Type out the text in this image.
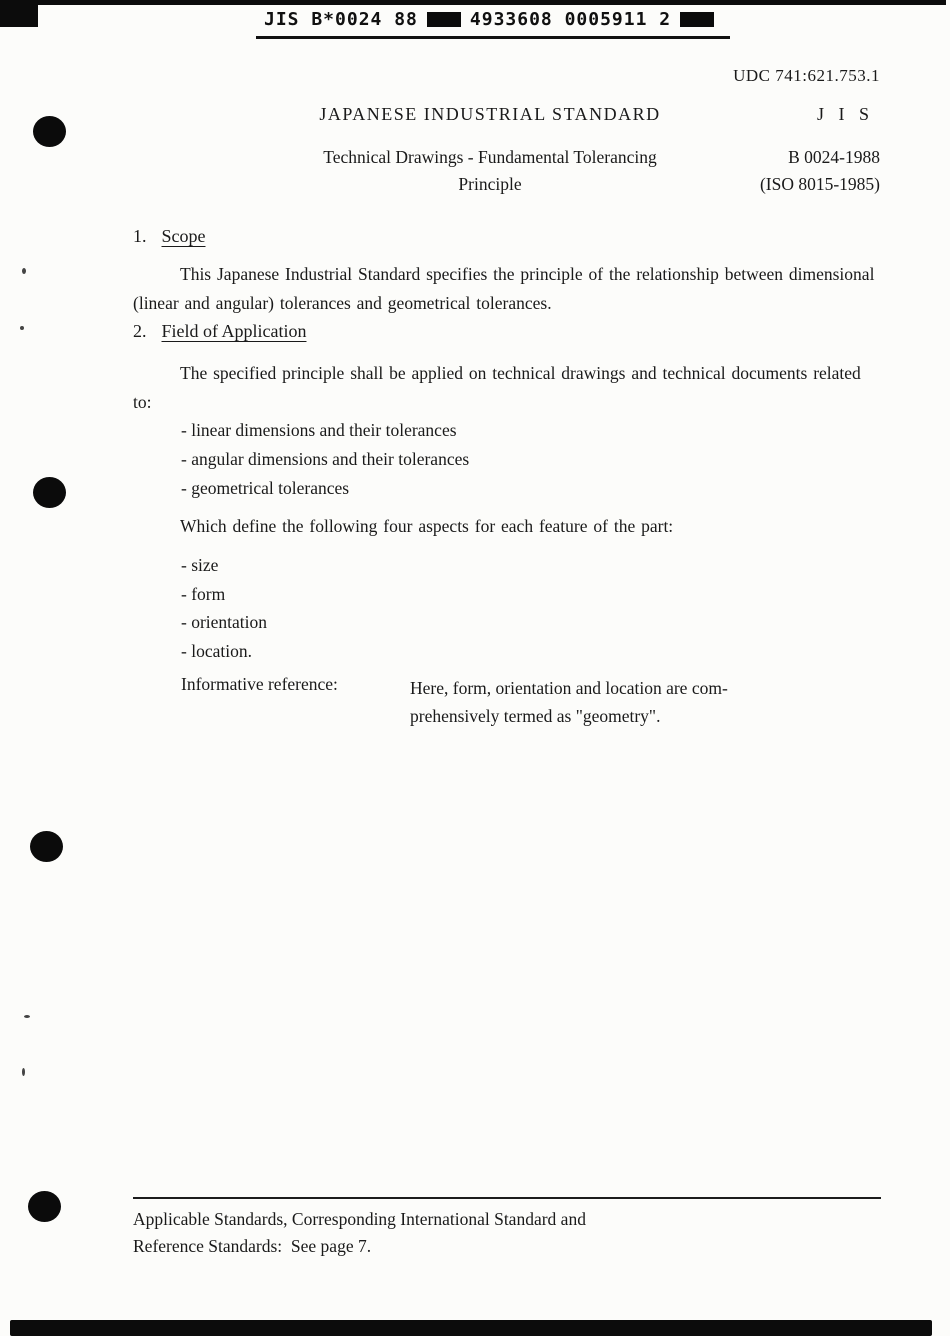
JIS B*0024 88	4933608 0005911 2
UDC 741:621.753.1
JAPANESE INDUSTRIAL STANDARD	J I S
Technical Drawings - Fundamental Tolerancing
Principle
B 0024-1988
(ISO 8015-1985)
1. Scope
This Japanese Industrial Standard specifies the principle of the relationship between dimensional (linear and angular) tolerances and geometrical tolerances.
2. Field of Application
The specified principle shall be applied on technical drawings and technical documents related to:
- linear dimensions and their tolerances
- angular dimensions and their tolerances
- geometrical tolerances
Which define the following four aspects for each feature of the part:
- size
- form
- orientation
- location.
Informative reference:	Here, form, orientation and location are com-
prehensively termed as "geometry".
Applicable Standards, Corresponding International Standard and
Reference Standards:  See page 7.
